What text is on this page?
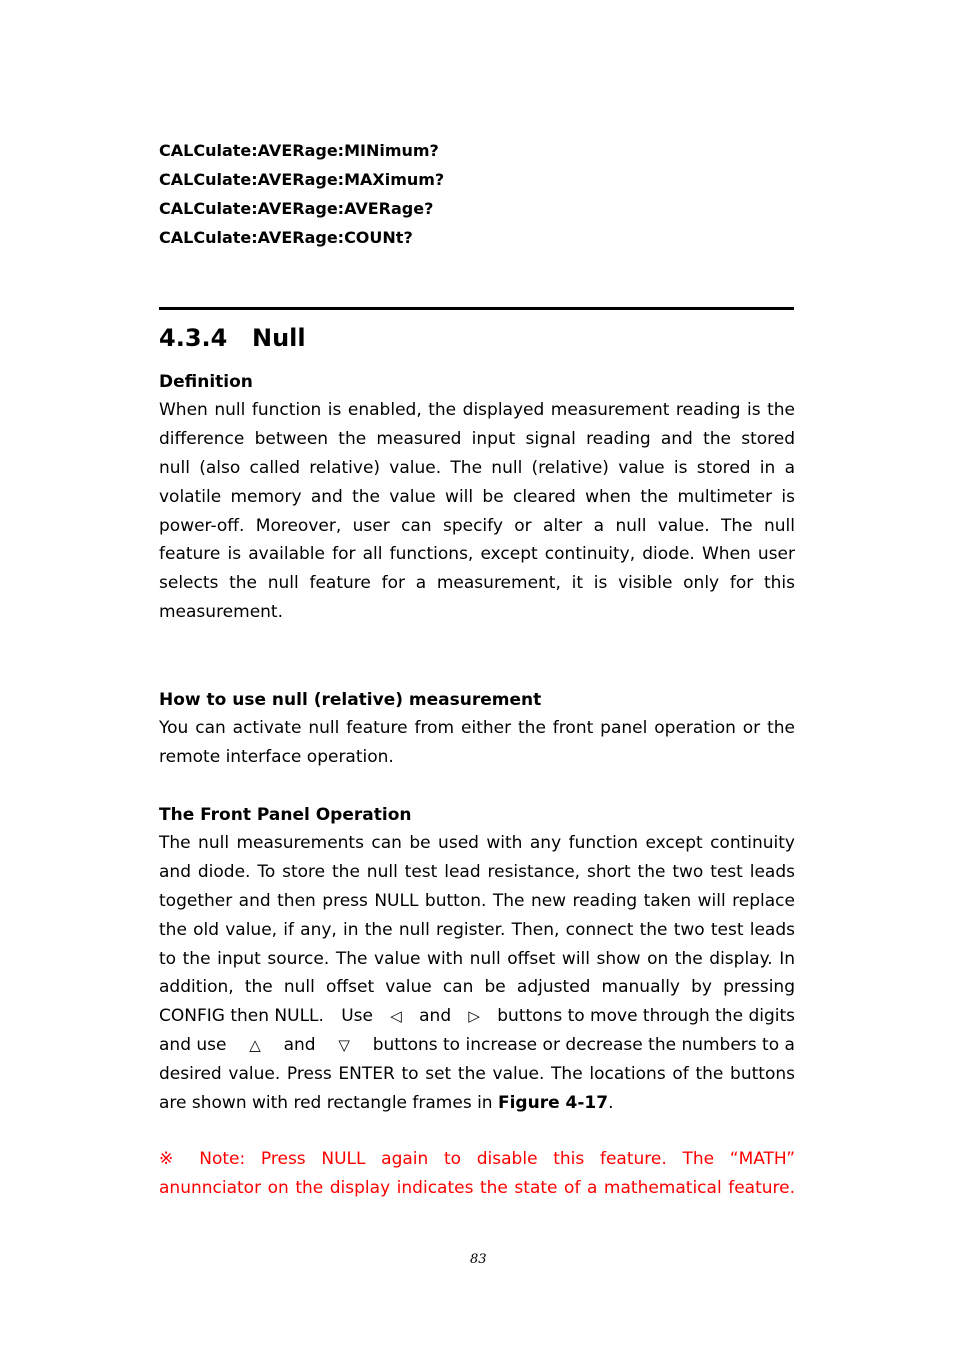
CALCulate:AVERage:MINimum?
CALCulate:AVERage:MAXimum?
CALCulate:AVERage:AVERage?
CALCulate:AVERage:COUNt?
4.3.4 Null
Definition
When null function is enabled, the displayed measurement reading is the
difference between the measured input signal reading and the stored
null (also called relative) value. The null (relative) value is stored in a
volatile memory and the value will be cleared when the multimeter is
power-off. Moreover, user can specify or alter a null value. The null
feature is available for all functions, except continuity, diode. When user
selects the null feature for a measurement, it is visible only for this
measurement.
How to use null (relative) measurement
You can activate null feature from either the front panel operation or the
remote interface operation.
The Front Panel Operation
The null measurements can be used with any function except continuity
and diode. To store the null test lead resistance, short the two test leads
together and then press NULL button. The new reading taken will replace
the old value, if any, in the null register. Then, connect the two test leads
to the input source. The value with null offset will show on the display. In
addition, the null offset value can be adjusted manually by pressing
CONFIG then NULL. Use ◁ and ▷ buttons to move through the digits
and use △ and ▽ buttons to increase or decrease the numbers to a
desired value. Press ENTER to set the value. The locations of the buttons
are shown with red rectangle frames in Figure 4-17.
※ Note: Press NULL again to disable this feature. The “MATH”
anunnciator on the display indicates the state of a mathematical feature.
83
